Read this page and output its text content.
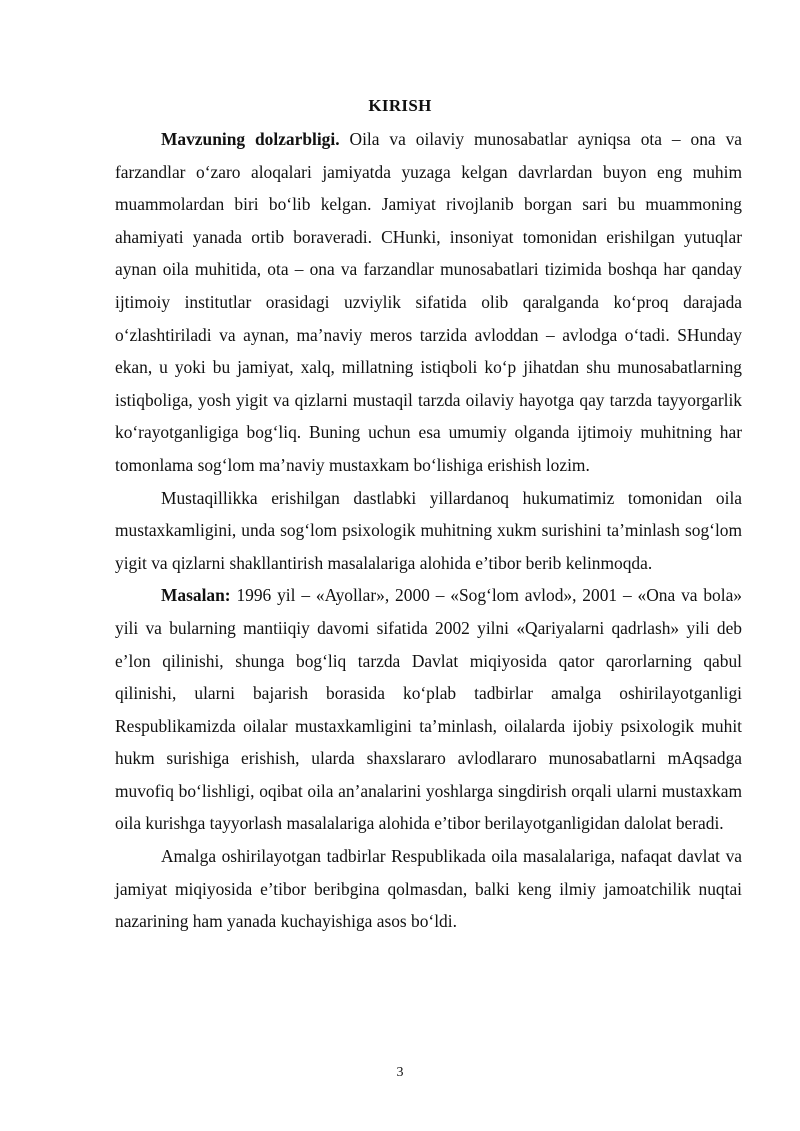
KIRISH

Mavzuning dolzarbligi. Oila va oilaviy munosabatlar ayniqsa ota – ona va farzandlar o‘zaro aloqalari jamiyatda yuzaga kelgan davrlardan buyon eng muhim muammolardan biri bo‘lib kelgan. Jamiyat rivojlanib borgan sari bu muammoning ahamiyati yanada ortib boraveradi. CHunki, insoniyat tomonidan erishilgan yutuqlar aynan oila muhitida, ota – ona va farzandlar munosabatlari tizimida boshqa har qanday ijtimoiy institutlar orasidagi uzviylik sifatida olib qaralganda ko‘proq darajada o‘zlashtiriladi va aynan, ma’naviy meros tarzida avloddan – avlodga o‘tadi. SHunday ekan, u yoki bu jamiyat, xalq, millatning istiqboli ko‘p jihatdan shu munosabatlarning istiqboliga, yosh yigit va qizlarni mustaqil tarzda oilaviy hayotga qay tarzda tayyorgarlik ko‘rayotganligiga bog‘liq. Buning uchun esa umumiy olganda ijtimoiy muhitning har tomonlama sog‘lom ma’naviy mustaxkam bo‘lishiga erishish lozim.

Mustaqillikka erishilgan dastlabki yillardanoq hukumatimiz tomonidan oila mustaxkamligini, unda sog‘lom psixologik muhitning xukm surishini ta’minlash sog‘lom yigit va qizlarni shakllantirish masalalariga alohida e’tibor berib kelinmoqda.

Masalan: 1996 yil – «Ayollar», 2000 – «Sog‘lom avlod», 2001 – «Ona va bola» yili va bularning mantiiqiy davomi sifatida 2002 yilni «Qariyalarni qadrlash» yili deb e’lon qilinishi, shunga bog‘liq tarzda Davlat miqiyosida qator qarorlarning qabul qilinishi, ularni bajarish borasida ko‘plab tadbirlar amalga oshirilayotganligi Respublikamizda oilalar mustaxkamligini ta’minlash, oilalarda ijobiy psixologik muhit hukm surishiga erishish, ularda shaxslararo avlodlararo munosabatlarni mAqsadga muvofiq bo‘lishligi, oqibat oila an’analarini yoshlarga singdirish orqali ularni mustaxkam oila kurishga tayyorlash masalalariga alohida e’tibor berilayotganligidan dalolat beradi.

Amalga oshirilayotgan tadbirlar Respublikada oila masalalariga, nafaqat davlat va jamiyat miqiyosida e’tibor beribgina qolmasdan, balki keng ilmiy jamoatchilik nuqtai nazarining ham yanada kuchayishiga asos bo‘ldi.

3
